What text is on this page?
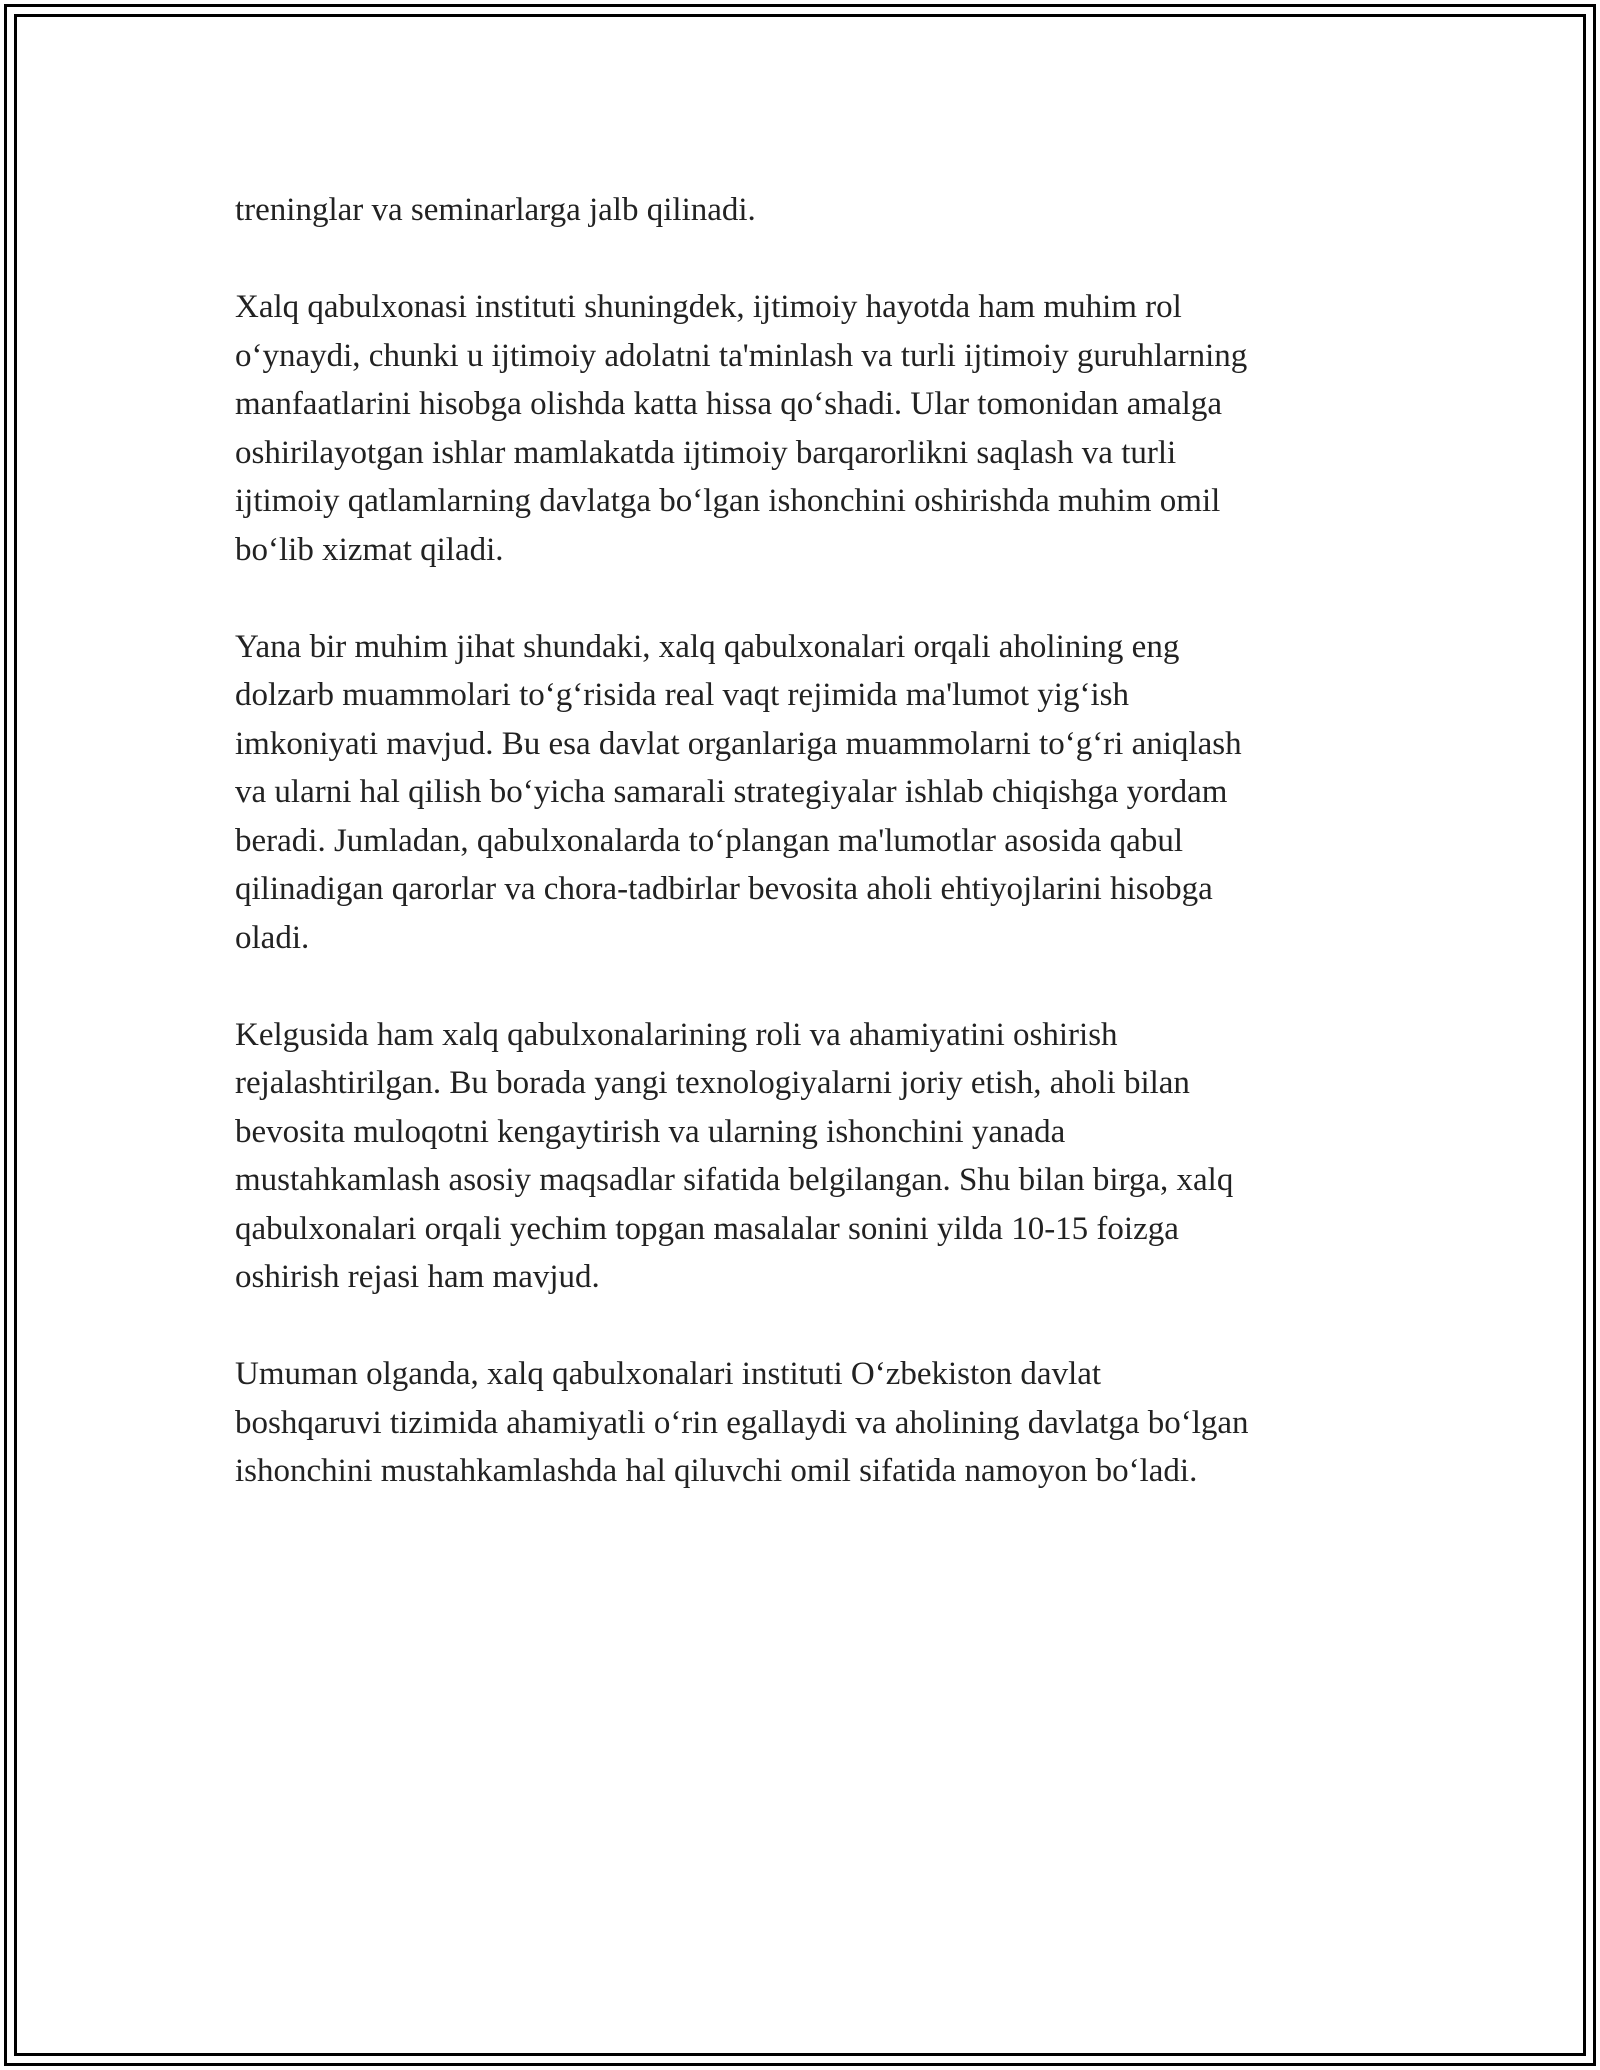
treninglar va seminarlarga jalb qilinadi.

Xalq qabulxonasi instituti shuningdek, ijtimoiy hayotda ham muhim rol
o‘ynaydi, chunki u ijtimoiy adolatni ta'minlash va turli ijtimoiy guruhlarning
manfaatlarini hisobga olishda katta hissa qo‘shadi. Ular tomonidan amalga
oshirilayotgan ishlar mamlakatda ijtimoiy barqarorlikni saqlash va turli
ijtimoiy qatlamlarning davlatga bo‘lgan ishonchini oshirishda muhim omil
bo‘lib xizmat qiladi.

Yana bir muhim jihat shundaki, xalq qabulxonalari orqali aholining eng
dolzarb muammolari to‘g‘risida real vaqt rejimida ma'lumot yig‘ish
imkoniyati mavjud. Bu esa davlat organlariga muammolarni to‘g‘ri aniqlash
va ularni hal qilish bo‘yicha samarali strategiyalar ishlab chiqishga yordam
beradi. Jumladan, qabulxonalarda to‘plangan ma'lumotlar asosida qabul
qilinadigan qarorlar va chora-tadbirlar bevosita aholi ehtiyojlarini hisobga
oladi.

Kelgusida ham xalq qabulxonalarining roli va ahamiyatini oshirish
rejalashtirilgan. Bu borada yangi texnologiyalarni joriy etish, aholi bilan
bevosita muloqotni kengaytirish va ularning ishonchini yanada
mustahkamlash asosiy maqsadlar sifatida belgilangan. Shu bilan birga, xalq
qabulxonalari orqali yechim topgan masalalar sonini yilda 10-15 foizga
oshirish rejasi ham mavjud.

Umuman olganda, xalq qabulxonalari instituti O‘zbekiston davlat
boshqaruvi tizimida ahamiyatli o‘rin egallaydi va aholining davlatga bo‘lgan
ishonchini mustahkamlashda hal qiluvchi omil sifatida namoyon bo‘ladi.
